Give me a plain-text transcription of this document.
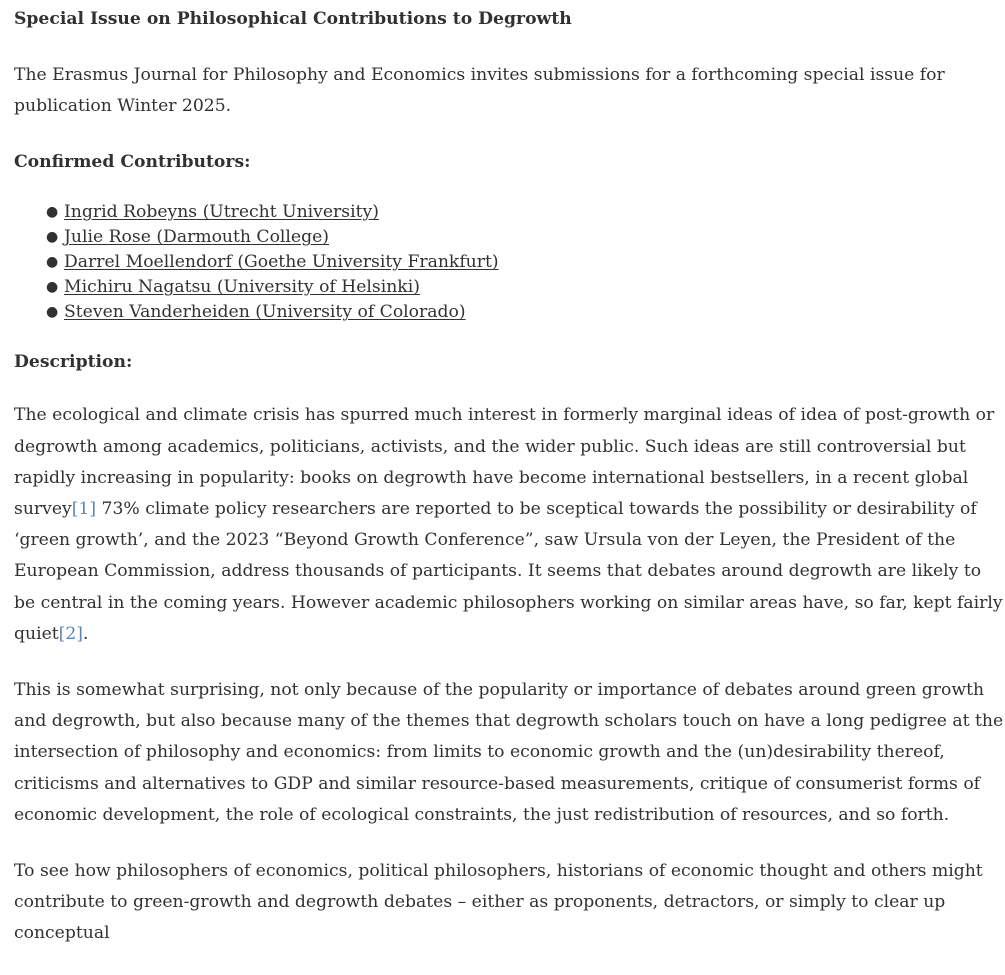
Special Issue on Philosophical Contributions to Degrowth

The Erasmus Journal for Philosophy and Economics invites submissions for a forthcoming special issue for publication Winter 2025.

Confirmed Contributors:

● Ingrid Robeyns (Utrecht University)
● Julie Rose (Darmouth College)
● Darrel Moellendorf (Goethe University Frankfurt)
● Michiru Nagatsu (University of Helsinki)
● Steven Vanderheiden (University of Colorado)

Description:

The ecological and climate crisis has spurred much interest in formerly marginal ideas of idea of post-growth or degrowth among academics, politicians, activists, and the wider public. Such ideas are still controversial but rapidly increasing in popularity: books on degrowth have become international bestsellers, in a recent global survey[1] 73% climate policy researchers are reported to be sceptical towards the possibility or desirability of ‘green growth’, and the 2023 “Beyond Growth Conference”, saw Ursula von der Leyen, the President of the European Commission, address thousands of participants. It seems that debates around degrowth are likely to be central in the coming years. However academic philosophers working on similar areas have, so far, kept fairly quiet[2].

This is somewhat surprising, not only because of the popularity or importance of debates around green growth and degrowth, but also because many of the themes that degrowth scholars touch on have a long pedigree at the intersection of philosophy and economics: from limits to economic growth and the (un)desirability thereof, criticisms and alternatives to GDP and similar resource-based measurements, critique of consumerist forms of economic development, the role of ecological constraints, the just redistribution of resources, and so forth.

To see how philosophers of economics, political philosophers, historians of economic thought and others might contribute to green-growth and degrowth debates – either as proponents, detractors, or simply to clear up conceptual
